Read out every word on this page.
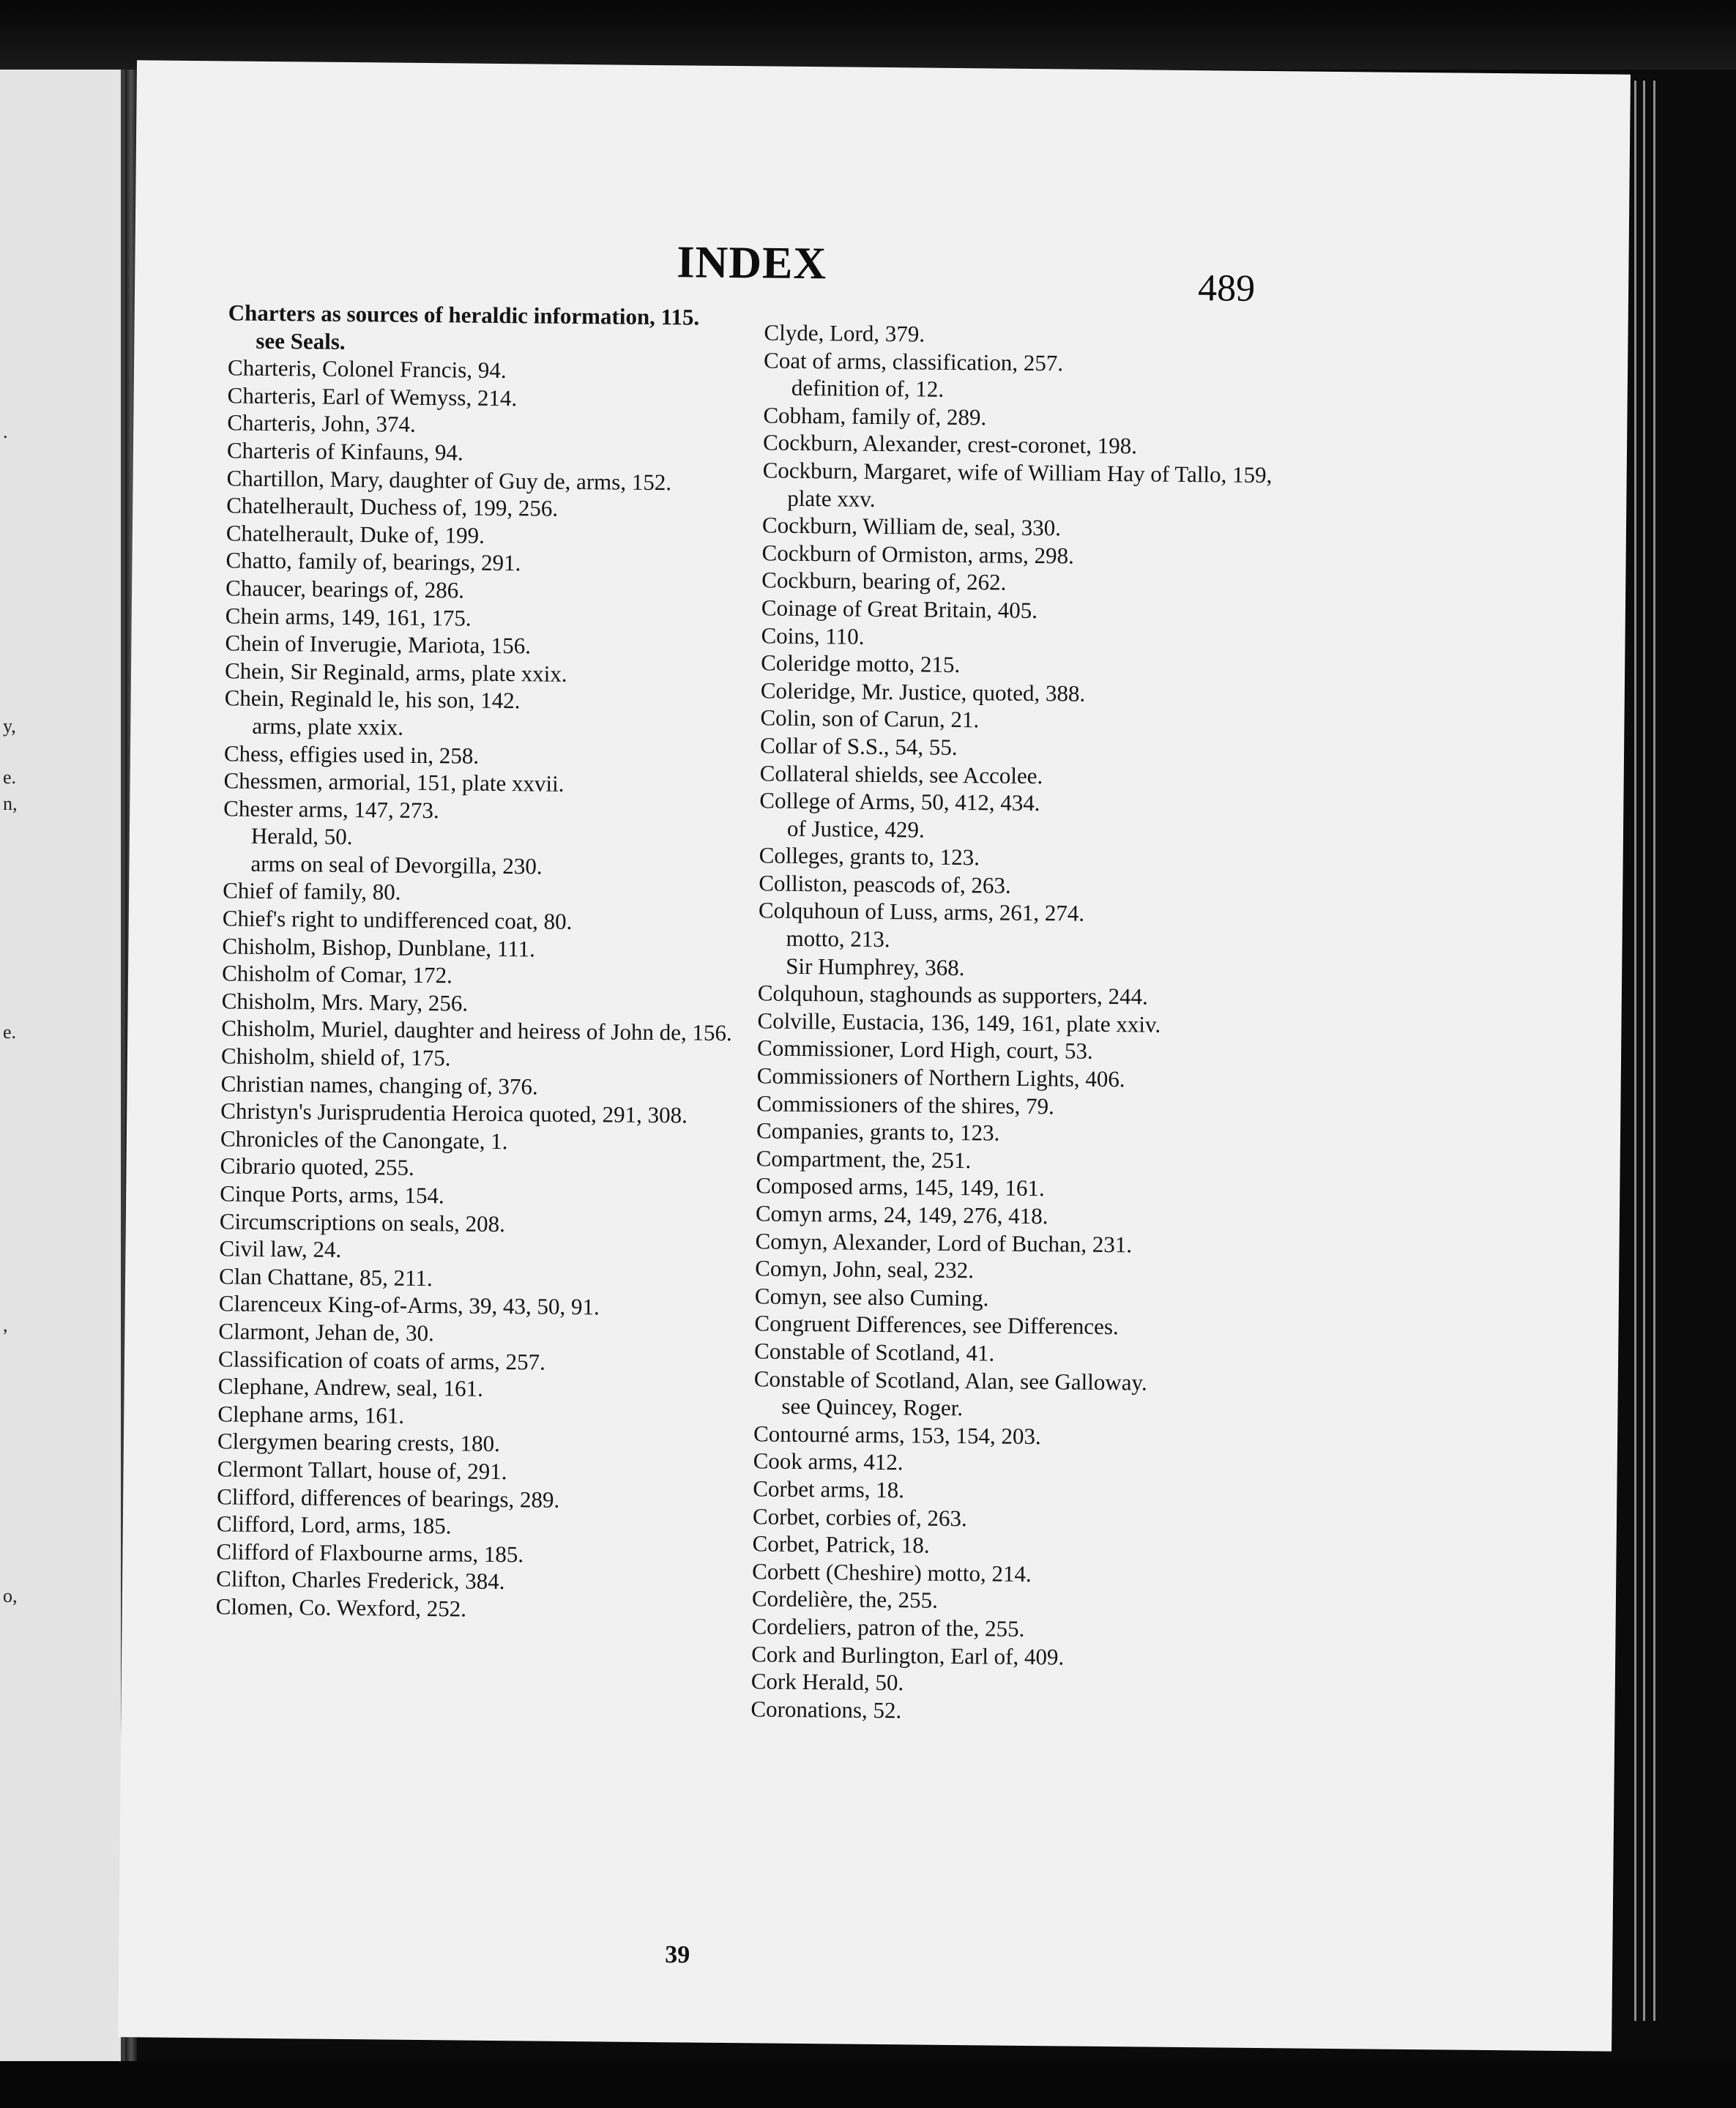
.
y,
e.
n,
e.
,
o,
INDEX	489
Charters as sources of heraldic information, 115.
see Seals.
Charteris, Colonel Francis, 94.
Charteris, Earl of Wemyss, 214.
Charteris, John, 374.
Charteris of Kinfauns, 94.
Chartillon, Mary, daughter of Guy de, arms, 152.
Chatelherault, Duchess of, 199, 256.
Chatelherault, Duke of, 199.
Chatto, family of, bearings, 291.
Chaucer, bearings of, 286.
Chein arms, 149, 161, 175.
Chein of Inverugie, Mariota, 156.
Chein, Sir Reginald, arms, plate xxix.
Chein, Reginald le, his son, 142.
arms, plate xxix.
Chess, effigies used in, 258.
Chessmen, armorial, 151, plate xxvii.
Chester arms, 147, 273.
Herald, 50.
arms on seal of Devorgilla, 230.
Chief of family, 80.
Chief's right to undifferenced coat, 80.
Chisholm, Bishop, Dunblane, 111.
Chisholm of Comar, 172.
Chisholm, Mrs. Mary, 256.
Chisholm, Muriel, daughter and heiress of John de, 156.
Chisholm, shield of, 175.
Christian names, changing of, 376.
Christyn's Jurisprudentia Heroica quoted, 291, 308.
Chronicles of the Canongate, 1.
Cibrario quoted, 255.
Cinque Ports, arms, 154.
Circumscriptions on seals, 208.
Civil law, 24.
Clan Chattane, 85, 211.
Clarenceux King-of-Arms, 39, 43, 50, 91.
Clarmont, Jehan de, 30.
Classification of coats of arms, 257.
Clephane, Andrew, seal, 161.
Clephane arms, 161.
Clergymen bearing crests, 180.
Clermont Tallart, house of, 291.
Clifford, differences of bearings, 289.
Clifford, Lord, arms, 185.
Clifford of Flaxbourne arms, 185.
Clifton, Charles Frederick, 384.
Clomen, Co. Wexford, 252.
Clyde, Lord, 379.
Coat of arms, classification, 257.
definition of, 12.
Cobham, family of, 289.
Cockburn, Alexander, crest-coronet, 198.
Cockburn, Margaret, wife of William Hay of Tallo, 159, plate xxv.
Cockburn, William de, seal, 330.
Cockburn of Ormiston, arms, 298.
Cockburn, bearing of, 262.
Coinage of Great Britain, 405.
Coins, 110.
Coleridge motto, 215.
Coleridge, Mr. Justice, quoted, 388.
Colin, son of Carun, 21.
Collar of S.S., 54, 55.
Collateral shields, see Accolee.
College of Arms, 50, 412, 434.
of Justice, 429.
Colleges, grants to, 123.
Colliston, peascods of, 263.
Colquhoun of Luss, arms, 261, 274.
motto, 213.
Sir Humphrey, 368.
Colquhoun, staghounds as supporters, 244.
Colville, Eustacia, 136, 149, 161, plate xxiv.
Commissioner, Lord High, court, 53.
Commissioners of Northern Lights, 406.
Commissioners of the shires, 79.
Companies, grants to, 123.
Compartment, the, 251.
Composed arms, 145, 149, 161.
Comyn arms, 24, 149, 276, 418.
Comyn, Alexander, Lord of Buchan, 231.
Comyn, John, seal, 232.
Comyn, see also Cuming.
Congruent Differences, see Differences.
Constable of Scotland, 41.
Constable of Scotland, Alan, see Galloway.
see Quincey, Roger.
Contourné arms, 153, 154, 203.
Cook arms, 412.
Corbet arms, 18.
Corbet, corbies of, 263.
Corbet, Patrick, 18.
Corbett (Cheshire) motto, 214.
Cordelière, the, 255.
Cordeliers, patron of the, 255.
Cork and Burlington, Earl of, 409.
Cork Herald, 50.
Coronations, 52.
39
